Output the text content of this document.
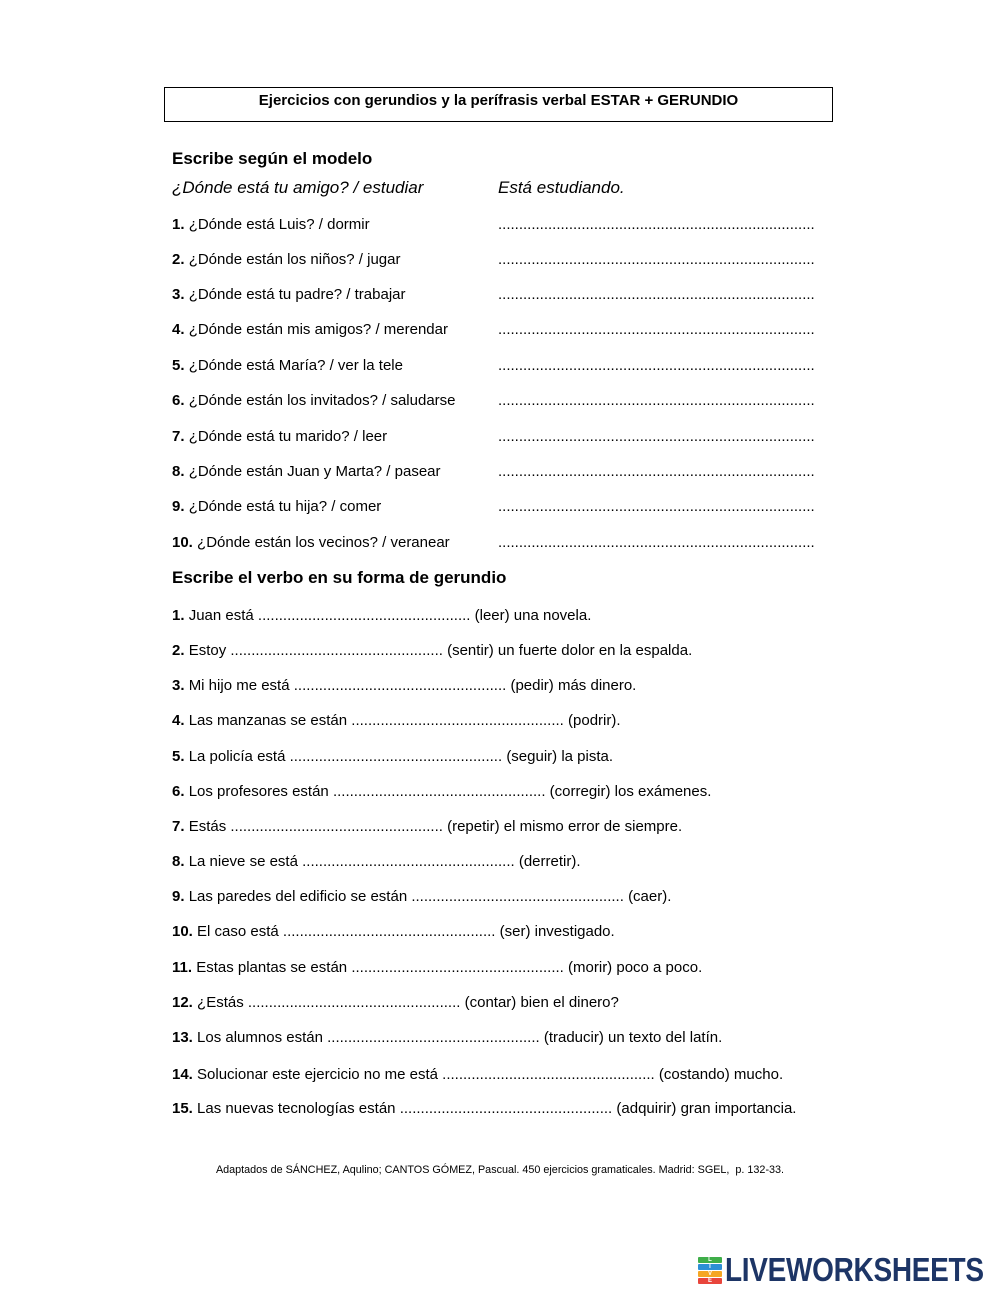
Ejercicios con gerundios y la perífrasis verbal ESTAR + GERUNDIO
Escribe según el modelo
¿Dónde está tu amigo? / estudiar	Está estudiando.
1. ¿Dónde está Luis? / dormir	............................................................................
2. ¿Dónde están los niños? / jugar	............................................................................
3. ¿Dónde está tu padre? / trabajar	............................................................................
4. ¿Dónde están mis amigos? / merendar	............................................................................
5. ¿Dónde está María? / ver la tele	............................................................................
6. ¿Dónde están los invitados? / saludarse	............................................................................
7. ¿Dónde está tu marido? / leer	............................................................................
8. ¿Dónde están Juan y Marta? / pasear	............................................................................
9. ¿Dónde está tu hija? / comer	............................................................................
10. ¿Dónde están los vecinos? / veranear	............................................................................
Escribe el verbo en su forma de gerundio
1. Juan está ................................................... (leer) una novela.
2. Estoy ................................................... (sentir) un fuerte dolor en la espalda.
3. Mi hijo me está ................................................... (pedir) más dinero.
4. Las manzanas se están ................................................... (podrir).
5. La policía está ................................................... (seguir) la pista.
6. Los profesores están ................................................... (corregir) los exámenes.
7. Estás ................................................... (repetir) el mismo error de siempre.
8. La nieve se está ................................................... (derretir).
9. Las paredes del edificio se están ................................................... (caer).
10. El caso está ................................................... (ser) investigado.
11. Estas plantas se están ................................................... (morir) poco a poco.
12. ¿Estás ................................................... (contar) bien el dinero?
13. Los alumnos están ................................................... (traducir) un texto del latín.
14. Solucionar este ejercicio no me está ................................................... (costando) mucho.
15. Las nuevas tecnologías están ................................................... (adquirir) gran importancia.
Adaptados de SÁNCHEZ, Aqulino; CANTOS GÓMEZ, Pascual. 450 ejercicios gramaticales. Madrid: SGEL,  p. 132-33.
L
I
V
E LIVEWORKSHEETS
